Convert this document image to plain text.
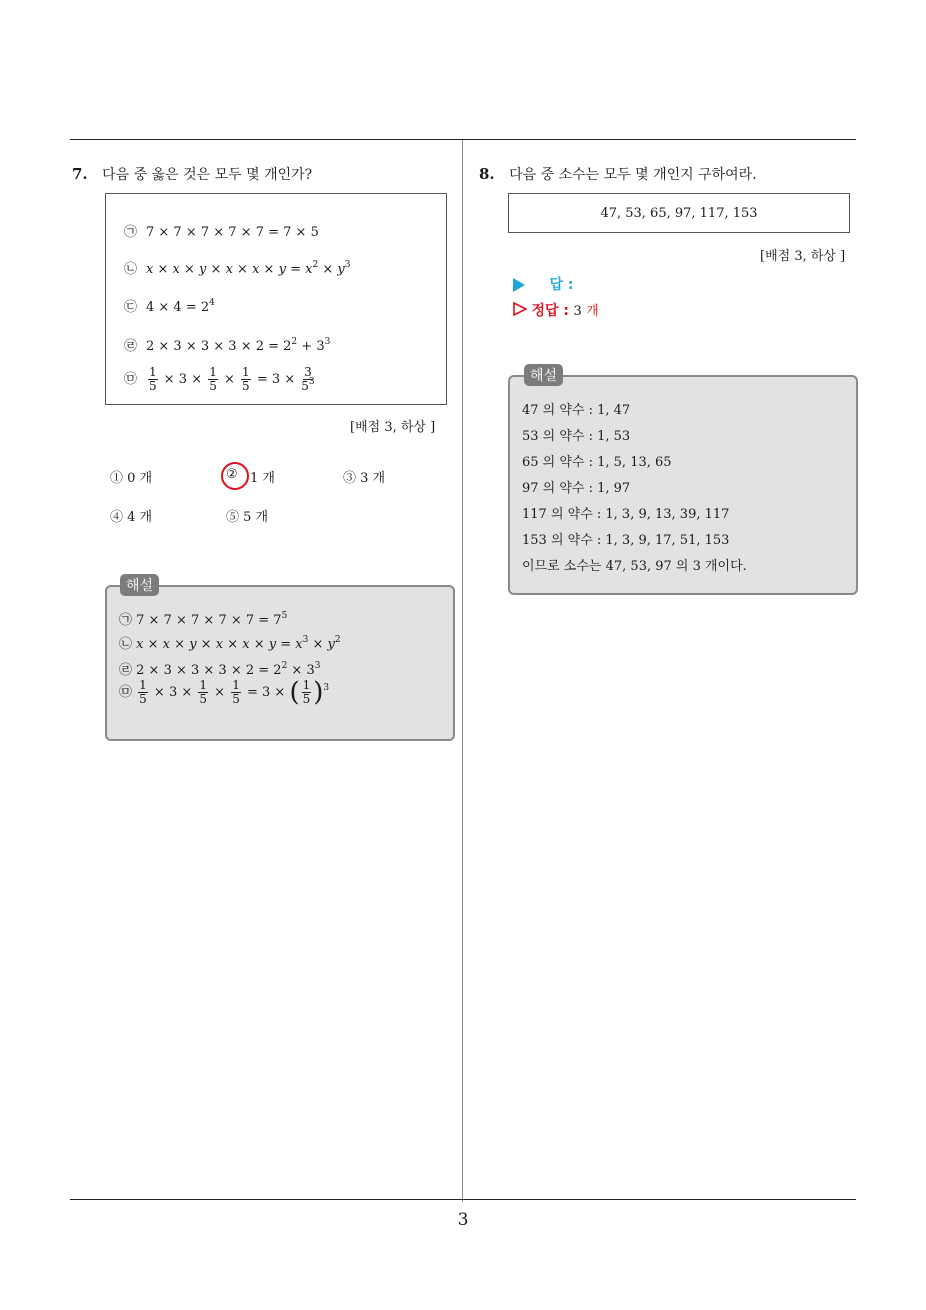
7. 다음 중 옳은 것은 모두 몇 개인가?
㉠ 7 × 7 × 7 × 7 × 7 = 7 × 5
㉡ $x \times x \times y \times x \times x \times y = x^2 \times y^3$
㉢ $4 \times 4 = 2^4$
㉣ $2 \times 3 \times 3 \times 3 \times 2 = 2^2 + 3^3$
㉤ $\frac{1}{5} \times 3 \times \frac{1}{5} \times \frac{1}{5} = 3 \times \frac{3}{5^3}$
[배점 3, 하상 ]
① 0 개	② 1 개	③ 3 개
④ 4 개	⑤ 5 개
㉠ $7 \times 7 \times 7 \times 7 \times 7 = 7^5$
㉡ $x \times x \times y \times x \times x \times y = x^3 \times y^2$
㉣ $2 \times 3 \times 3 \times 3 \times 2 = 2^2 \times 3^3$
㉤ $\frac{1}{5} \times 3 \times \frac{1}{5} \times \frac{1}{5} = 3$ × ( $\frac{1}{5} )^3$
해설
8. 다음 중 소수는 모두 몇 개인지 구하여라.
47, 53, 65, 97, 117, 153
[배점 3, 하상 ]
답 :
정답 : 3 개
47 의 약수 : 1, 47
53 의 약수 : 1, 53
65 의 약수 : 1, 5, 13, 65
97 의 약수 : 1, 97
117 의 약수 : 1, 3, 9, 13, 39, 117
153 의 약수 : 1, 3, 9, 17, 51, 153
이므로 소수는 47, 53, 97 의 3 개이다.
해설
3
